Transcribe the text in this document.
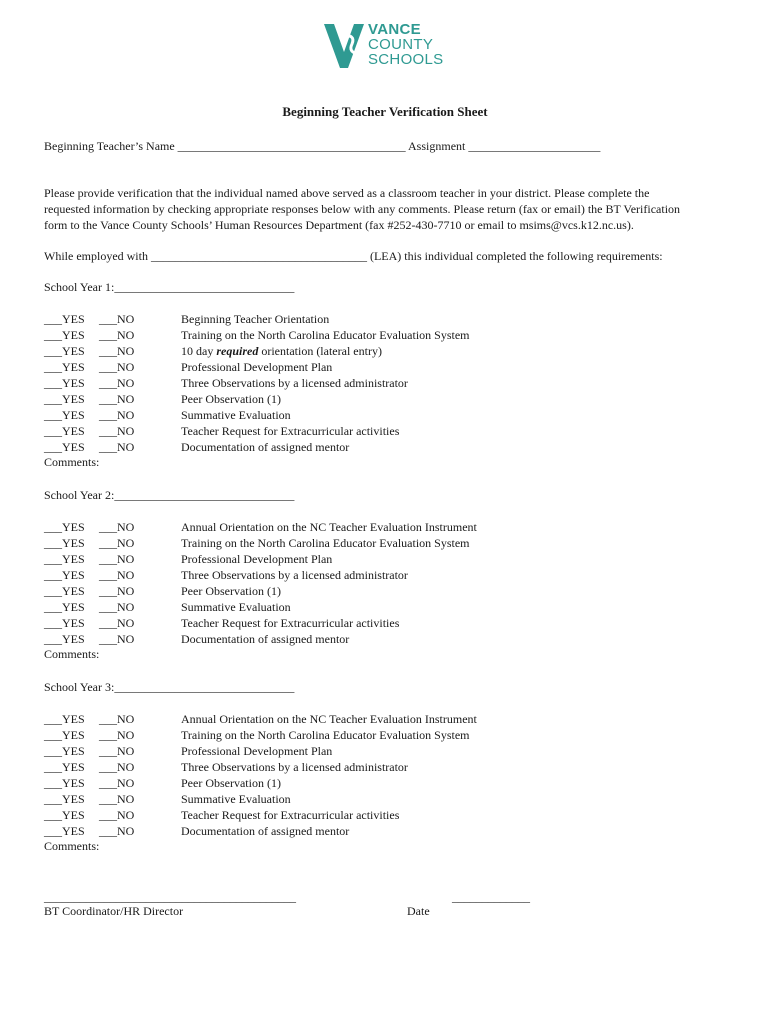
VANCE
COUNTY
SCHOOLS
Beginning Teacher Verification Sheet
Beginning Teacher’s Name ______________________________________ Assignment ______________________
Please provide verification that the individual named above served as a classroom teacher in your district. Please complete the
requested information by checking appropriate responses below with any comments. Please return (fax or email) the BT Verification
form to the Vance County Schools’ Human Resources Department (fax #252-430-7710 or email to msims@vcs.k12.nc.us).
While employed with ____________________________________ (LEA) this individual completed the following requirements:
School Year 1:______________________________
___YES ___NO	Beginning Teacher Orientation
___YES ___NO	Training on the North Carolina Educator Evaluation System
___YES ___NO	10 day required orientation (lateral entry)
___YES ___NO	Professional Development Plan
___YES ___NO	Three Observations by a licensed administrator
___YES ___NO	Peer Observation (1)
___YES ___NO	Summative Evaluation
___YES ___NO	Teacher Request for Extracurricular activities
___YES ___NO	Documentation of assigned mentor
Comments:
School Year 2:______________________________
___YES ___NO	Annual Orientation on the NC Teacher Evaluation Instrument
___YES ___NO	Training on the North Carolina Educator Evaluation System
___YES ___NO	Professional Development Plan
___YES ___NO	Three Observations by a licensed administrator
___YES ___NO	Peer Observation (1)
___YES ___NO	Summative Evaluation
___YES ___NO	Teacher Request for Extracurricular activities
___YES ___NO	Documentation of assigned mentor
Comments:
School Year 3:______________________________
___YES ___NO	Annual Orientation on the NC Teacher Evaluation Instrument
___YES ___NO	Training on the North Carolina Educator Evaluation System
___YES ___NO	Professional Development Plan
___YES ___NO	Three Observations by a licensed administrator
___YES ___NO	Peer Observation (1)
___YES ___NO	Summative Evaluation
___YES ___NO	Teacher Request for Extracurricular activities
___YES ___NO	Documentation of assigned mentor
Comments:
__________________________________________	_____________
BT Coordinator/HR Director	Date
